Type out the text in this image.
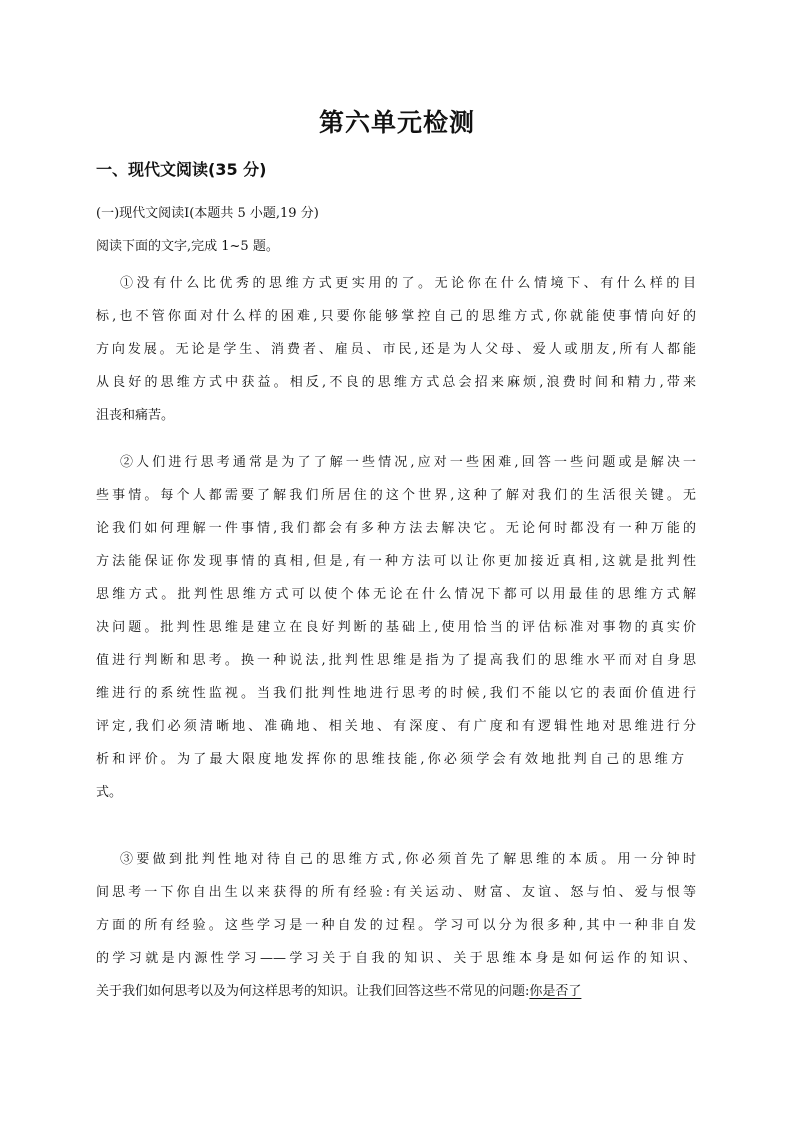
第六单元检测
一、现代文阅读(35 分)
(一)现代文阅读Ⅰ(本题共 5 小题,19 分)
阅读下面的文字,完成 1~5 题。
①没有什么比优秀的思维方式更实用的了。无论你在什么情境下、有什么样的目
标,也不管你面对什么样的困难,只要你能够掌控自己的思维方式,你就能使事情向好的
方向发展。无论是学生、消费者、雇员、市民,还是为人父母、爱人或朋友,所有人都能
从良好的思维方式中获益。相反,不良的思维方式总会招来麻烦,浪费时间和精力,带来
沮丧和痛苦。
②人们进行思考通常是为了了解一些情况,应对一些困难,回答一些问题或是解决一
些事情。每个人都需要了解我们所居住的这个世界,这种了解对我们的生活很关键。无
论我们如何理解一件事情,我们都会有多种方法去解决它。无论何时都没有一种万能的
方法能保证你发现事情的真相,但是,有一种方法可以让你更加接近真相,这就是批判性
思维方式。批判性思维方式可以使个体无论在什么情况下都可以用最佳的思维方式解
决问题。批判性思维是建立在良好判断的基础上,使用恰当的评估标准对事物的真实价
值进行判断和思考。换一种说法,批判性思维是指为了提高我们的思维水平而对自身思
维进行的系统性监视。当我们批判性地进行思考的时候,我们不能以它的表面价值进行
评定,我们必须清晰地、准确地、相关地、有深度、有广度和有逻辑性地对思维进行分
析和评价。为了最大限度地发挥你的思维技能,你必须学会有效地批判自己的思维方
式。
③要做到批判性地对待自己的思维方式,你必须首先了解思维的本质。用一分钟时
间思考一下你自出生以来获得的所有经验:有关运动、财富、友谊、怒与怕、爱与恨等
方面的所有经验。这些学习是一种自发的过程。学习可以分为很多种,其中一种非自发
的学习就是内源性学习——学习关于自我的知识、关于思维本身是如何运作的知识、
关于我们如何思考以及为何这样思考的知识。让我们回答这些不常见的问题:你是否了
